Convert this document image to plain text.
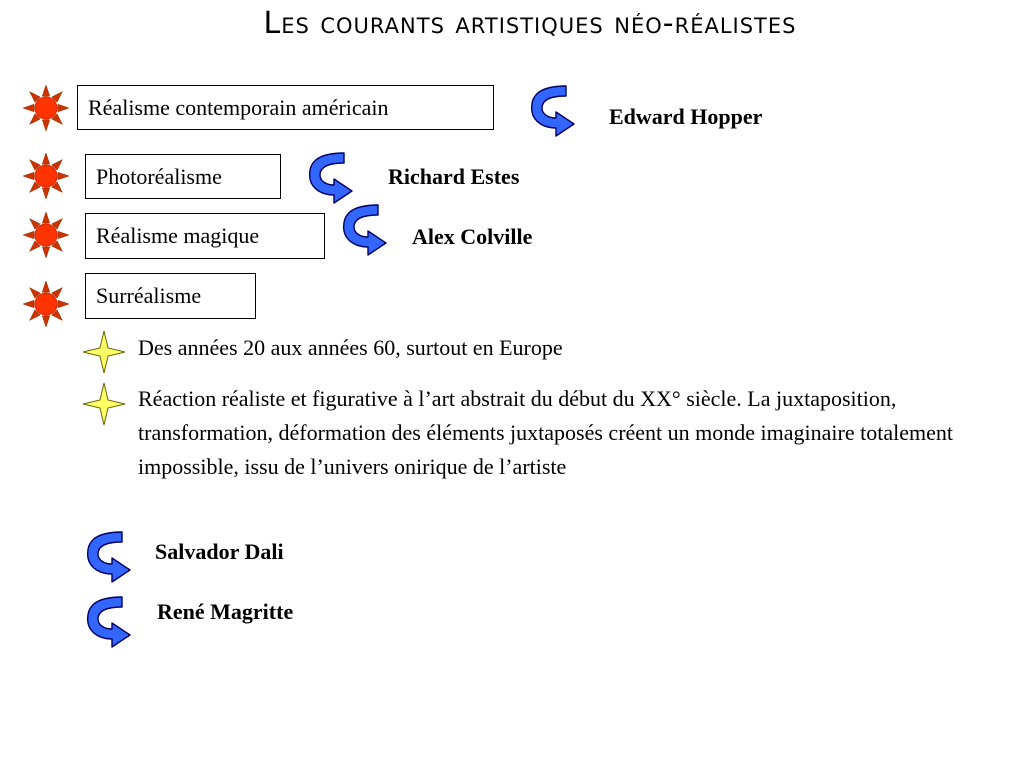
Les courants artistiques néo-réalistes
Réalisme contemporain américain	Edward Hopper
Photoréalisme	Richard Estes
Réalisme magique	Alex Colville
Surréalisme
Des années 20 aux années 60, surtout en Europe
Réaction réaliste et figurative à l’art abstrait du début du XX° siècle. La juxtaposition, transformation, déformation des éléments juxtaposés créent un monde imaginaire totalement impossible, issu de l’univers onirique de l’artiste
Salvador Dali
René Magritte
